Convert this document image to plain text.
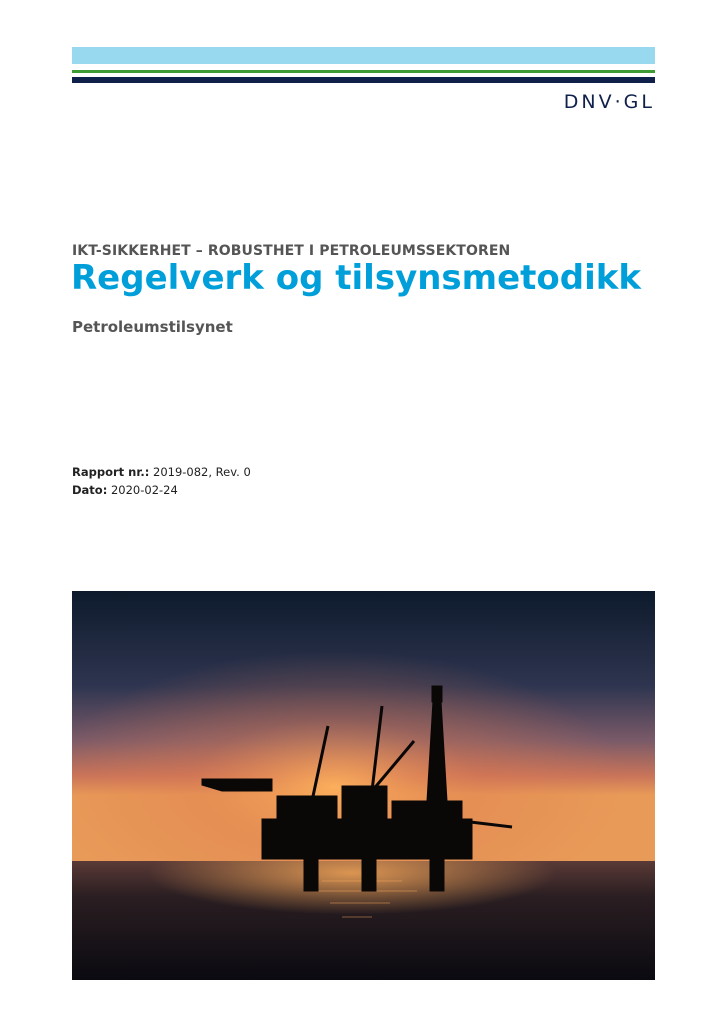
DNV·GL
IKT-SIKKERHET – ROBUSTHET I PETROLEUMSSEKTOREN
Regelverk og tilsynsmetodikk
Petroleumstilsynet
Rapport nr.: 2019-082, Rev. 0
Dato: 2020-02-24
